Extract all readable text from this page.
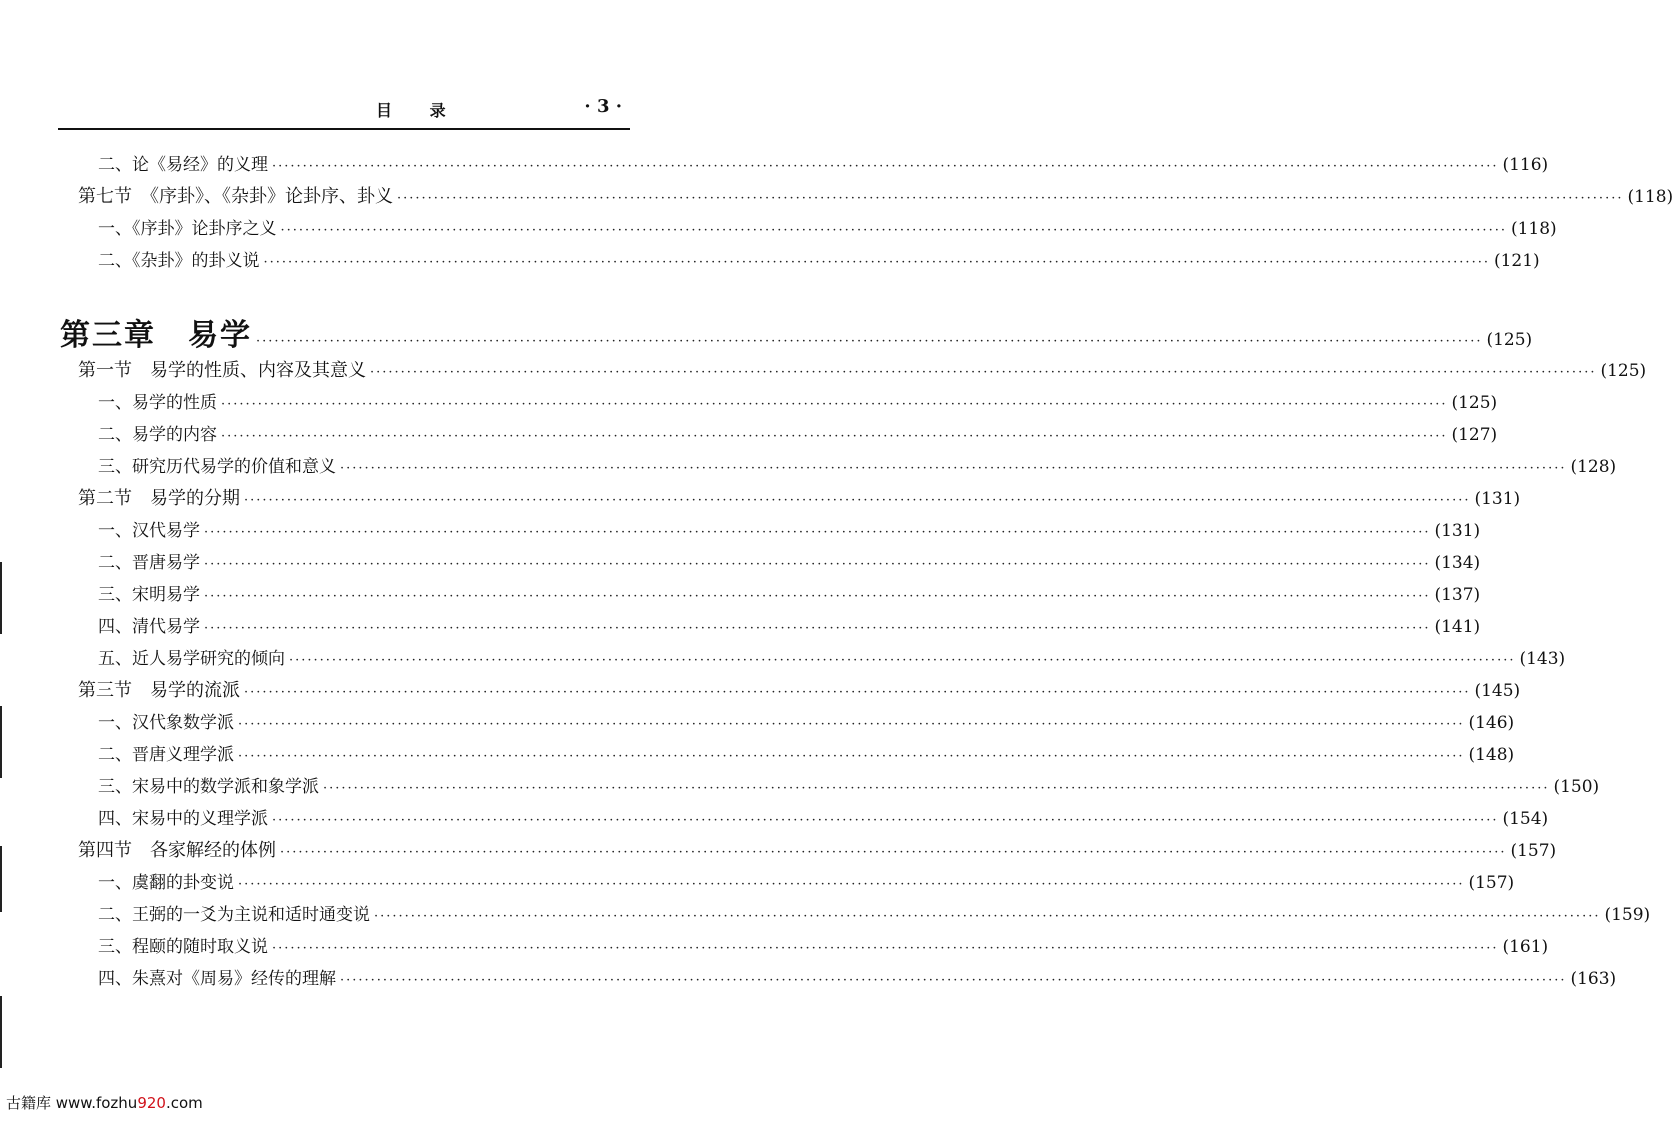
目 录	· 3 ·
二、论《易经》的义理 ········································································································································································································ (116)
第七节　《序卦》、《杂卦》论卦序、卦义 ········································································································································································································ (118)
一、《序卦》论卦序之义 ········································································································································································································ (118)
二、《杂卦》的卦义说 ········································································································································································································ (121)
第三章　易学 ········································································································································································································ (125)
第一节　易学的性质、内容及其意义 ········································································································································································································ (125)
一、易学的性质 ········································································································································································································ (125)
二、易学的内容 ········································································································································································································ (127)
三、研究历代易学的价值和意义 ········································································································································································································ (128)
第二节　易学的分期 ········································································································································································································ (131)
一、汉代易学 ········································································································································································································ (131)
二、晋唐易学 ········································································································································································································ (134)
三、宋明易学 ········································································································································································································ (137)
四、清代易学 ········································································································································································································ (141)
五、近人易学研究的倾向 ········································································································································································································ (143)
第三节　易学的流派 ········································································································································································································ (145)
一、汉代象数学派 ········································································································································································································ (146)
二、晋唐义理学派 ········································································································································································································ (148)
三、宋易中的数学派和象学派 ········································································································································································································ (150)
四、宋易中的义理学派 ········································································································································································································ (154)
第四节　各家解经的体例 ········································································································································································································ (157)
一、虞翻的卦变说 ········································································································································································································ (157)
二、王弼的一爻为主说和适时通变说 ········································································································································································································ (159)
三、程颐的随时取义说 ········································································································································································································ (161)
四、朱熹对《周易》经传的理解 ········································································································································································································ (163)
古籍库 www.fozhu920.com
